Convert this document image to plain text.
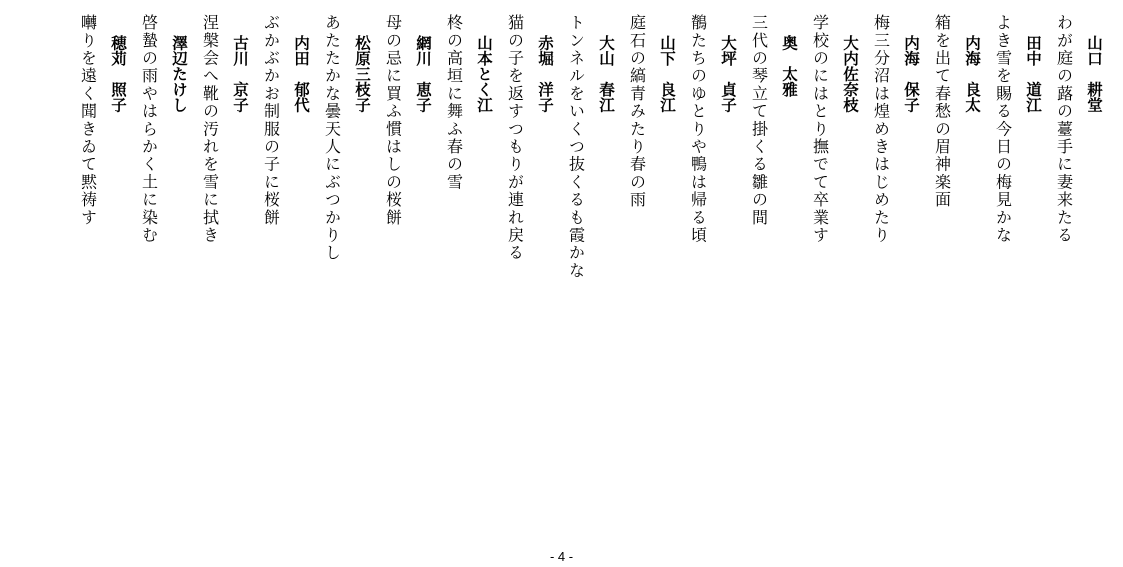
山口　耕堂
わが庭の蕗の薹手に妻来たる
田中　道江
よき雪を賜る今日の梅見かな
内海　良太
箱を出て春愁の眉神楽面
内海　保子
梅三分沼は煌めきはじめたり
大内佐奈枝
学校のにはとり撫でて卒業す
奥　太雅
三代の琴立て掛くる雛の間
大坪　貞子
鶺たちのゆとりや鴨は帰る頃
山下　良江
庭石の縞青みたり春の雨
大山　春江
トンネルをいくつ抜くるも霞かな
赤堀　洋子
猫の子を返すつもりが連れ戻る
山本とく江
柊の高垣に舞ふ春の雪
網川　恵子
母の忌に買ふ慣はしの桜餅
松原三枝子
あたたかな曇天人にぶつかりし
内田　郁代
ぶかぶかお制服の子に桜餅
古川　京子
涅槃会へ靴の汚れを雪に拭き
澤辺たけし
啓蟄の雨やはらかく土に染む
穂苅　照子
囀りを遠く聞きゐて黙祷す
- 4 -
